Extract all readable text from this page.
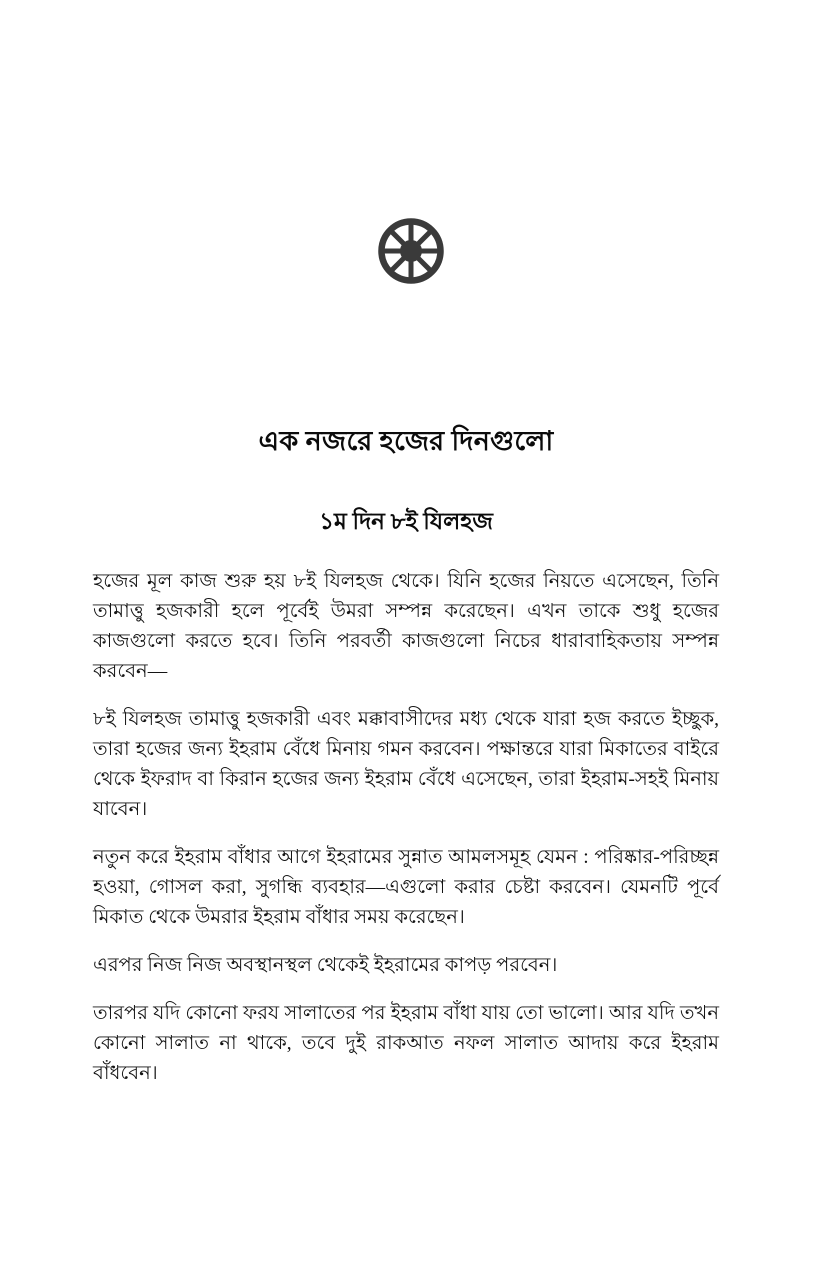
এক নজরে হজের দিনগুলো
১ম দিন ৮ই যিলহজ

হজের মূল কাজ শুরু হয় ৮ই যিলহজ থেকে। যিনি হজের নিয়তে এসেছেন, তিনি তামাত্তু হজকারী হলে পূর্বেই উমরা সম্পন্ন করেছেন। এখন তাকে শুধু হজের কাজগুলো করতে হবে। তিনি পরবর্তী কাজগুলো নিচের ধারাবাহিকতায় সম্পন্ন করবেন—

৮ই যিলহজ তামাত্তু হজকারী এবং মক্কাবাসীদের মধ্য থেকে যারা হজ করতে ইচ্ছুক, তারা হজের জন্য ইহরাম বেঁধে মিনায় গমন করবেন। পক্ষান্তরে যারা মিকাতের বাইরে থেকে ইফরাদ বা কিরান হজের জন্য ইহরাম বেঁধে এসেছেন, তারা ইহরাম-সহই মিনায় যাবেন।

নতুন করে ইহরাম বাঁধার আগে ইহরামের সুন্নাত আমলসমূহ যেমন : পরিষ্কার-পরিচ্ছন্ন হওয়া, গোসল করা, সুগন্ধি ব্যবহার—এগুলো করার চেষ্টা করবেন। যেমনটি পূর্বে মিকাত থেকে উমরার ইহরাম বাঁধার সময় করেছেন।

এরপর নিজ নিজ অবস্থানস্থল থেকেই ইহরামের কাপড় পরবেন।

তারপর যদি কোনো ফরয সালাতের পর ইহরাম বাঁধা যায় তো ভালো। আর যদি তখন কোনো সালাত না থাকে, তবে দুই রাকআত নফল সালাত আদায় করে ইহরাম বাঁধবেন।
